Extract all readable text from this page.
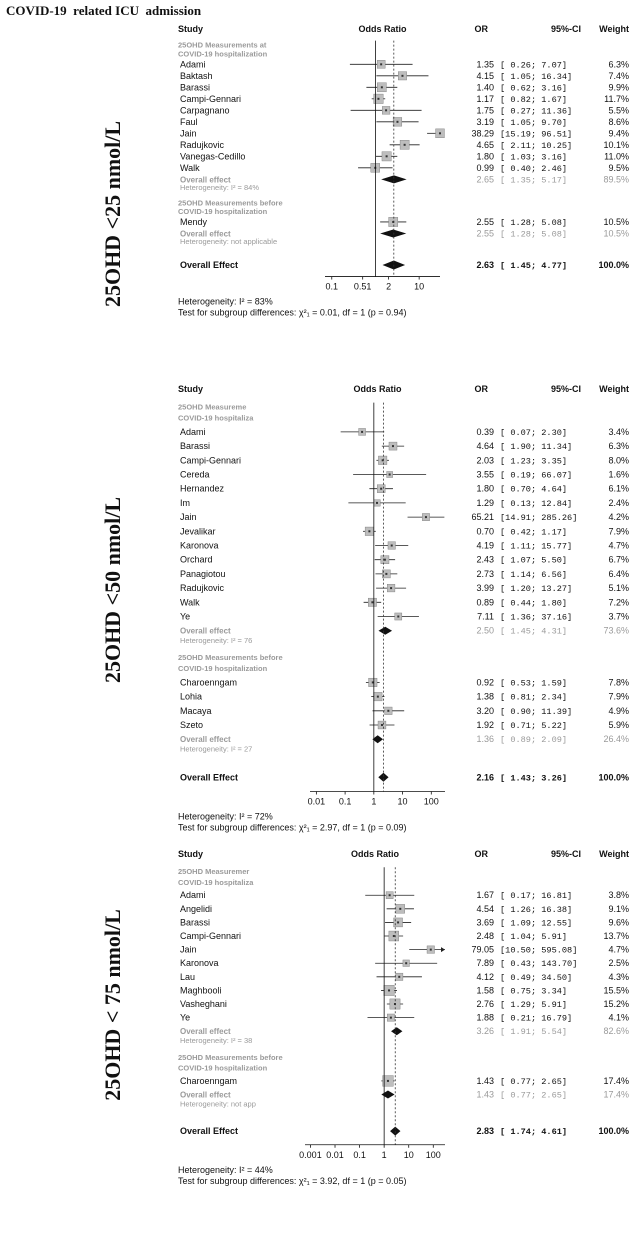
COVID-19  related ICU  admission
Study	Odds Ratio	OR	95%-CI Weight
25OHD Measurements at
COVID-19 hospitalization
Adami	1.35 [ 0.26; 7.07]	6.3%
Baktash	4.15 [ 1.05; 16.34]	7.4%
Barassi	1.40 [ 0.62; 3.16]	9.9%
Campi-Gennari	1.17 [ 0.82; 1.67]	11.7%
Carpagnano	1.75 [ 0.27; 11.36]	5.5%
Faul	3.19 [ 1.05; 9.70]	8.6%
Jain	38.29 [15.19; 96.51]	9.4%
Radujkovic	4.65 [ 2.11; 10.25]	10.1%
Vanegas-Cedillo	1.80 [ 1.03; 3.16]	11.0%
Walk	0.99 [ 0.40; 2.46]	9.5%
Overall effect	2.65 [ 1.35; 5.17]	89.5%
Heterogeneity: I² = 84%
25OHD Measurements before
COVID-19 hospitalization
Mendy	2.55 [ 1.28; 5.08]	10.5%
Overall effect	2.55 [ 1.28; 5.08]	10.5%
Heterogeneity: not applicable
Overall Effect	2.63 [ 1.45; 4.77]	100.0%
0.1 0.51 2	10
Heterogeneity: I² = 83%
Test for subgroup differences: χ²₁ = 0.01, df = 1 (p = 0.94)
25OHD <25 nmol/L
Study	Odds Ratio	OR	95%-CI Weight
25OHD Measureme
COVID-19 hospitaliza
Adami	0.39 [ 0.07; 2.30]	3.4%
Barassi	4.64 [ 1.90; 11.34]	6.3%
Campi-Gennari	2.03 [ 1.23; 3.35]	8.0%
Cereda	3.55 [ 0.19; 66.07]	1.6%
Hernandez	1.80 [ 0.70; 4.64]	6.1%
Im	1.29 [ 0.13; 12.84]	2.4%
Jain	65.21 [14.91; 285.26]	4.2%
Jevalikar	0.70 [ 0.42; 1.17]	7.9%
Karonova	4.19 [ 1.11; 15.77]	4.7%
Orchard	2.43 [ 1.07; 5.50]	6.7%
Panagiotou	2.73 [ 1.14; 6.56]	6.4%
Radujkovic	3.99 [ 1.20; 13.27]	5.1%
Walk	0.89 [ 0.44; 1.80]	7.2%
Ye	7.11 [ 1.36; 37.16]	3.7%
Overall effect	2.50 [ 1.45; 4.31]	73.6%
Heterogeneity: I² = 76
25OHD Measurements before
COVID-19 hospitalization
Charoenngam	0.92 [ 0.53; 1.59]	7.8%
Lohia	1.38 [ 0.81; 2.34]	7.9%
Macaya	3.20 [ 0.90; 11.39]	4.9%
Szeto	1.92 [ 0.71; 5.22]	5.9%
Overall effect	1.36 [ 0.89; 2.09]	26.4%
Heterogeneity: I² = 27
Overall Effect	2.16 [ 1.43; 3.26]	100.0%
0.01 0.1 1 10 100
Heterogeneity: I² = 72%
Test for subgroup differences: χ²₁ = 2.97, df = 1 (p = 0.09)
25OHD <50 nmol/L
Study	Odds Ratio	OR	95%-CI Weight
25OHD Measuremer
COVID-19 hospitaliza
Adami	1.67 [ 0.17; 16.81]	3.8%
Angelidi	4.54 [ 1.26; 16.38]	9.1%
Barassi	3.69 [ 1.09; 12.55]	9.6%
Campi-Gennari	2.48 [ 1.04; 5.91]	13.7%
Jain	79.05 [10.50; 595.08]	4.7%
Karonova	7.89 [ 0.43; 143.70]	2.5%
Lau	4.12 [ 0.49; 34.50]	4.3%
Maghbooli	1.58 [ 0.75; 3.34]	15.5%
Vasheghani	2.76 [ 1.29; 5.91]	15.2%
Ye	1.88 [ 0.21; 16.79]	4.1%
Overall effect	3.26 [ 1.91; 5.54]	82.6%
Heterogeneity: I² = 38
25OHD Measurements before
COVID-19 hospitalization
Charoenngam	1.43 [ 0.77; 2.65]	17.4%
Overall effect	1.43 [ 0.77; 2.65]	17.4%
Heterogeneity: not app
Overall Effect	2.83 [ 1.74; 4.61]	100.0%
0.001 0.01 0.1 1 10 100
Heterogeneity: I² = 44%
Test for subgroup differences: χ²₁ = 3.92, df = 1 (p = 0.05)
25OHD < 75 nmol/L
